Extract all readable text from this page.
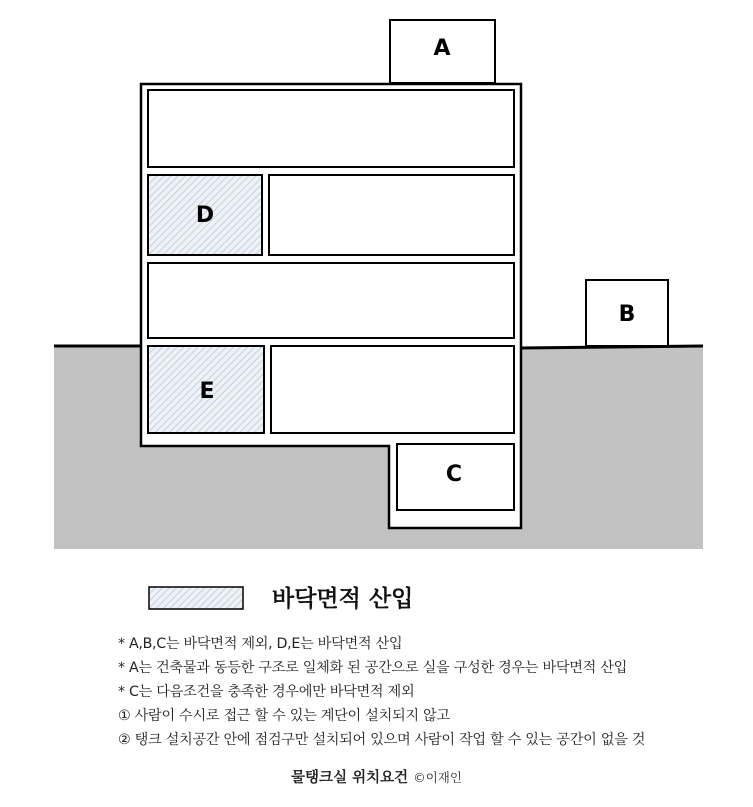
A
D
E
C
B
바닥면적 산입
* A,B,C는 바닥면적 제외, D,E는 바닥면적 산입
* A는 건축물과 동등한 구조로 일체화 된 공간으로 실을 구성한 경우는 바닥면적 산입
* C는 다음조건을 충족한 경우에만 바닥면적 제외
① 사람이 수시로 접근 할 수 있는 계단이 설치되지 않고
② 탱크 설치공간 안에 점검구만 설치되어 있으며 사람이 작업 할 수 있는 공간이 없을 것
물탱크실 위치요건 ©이재인
